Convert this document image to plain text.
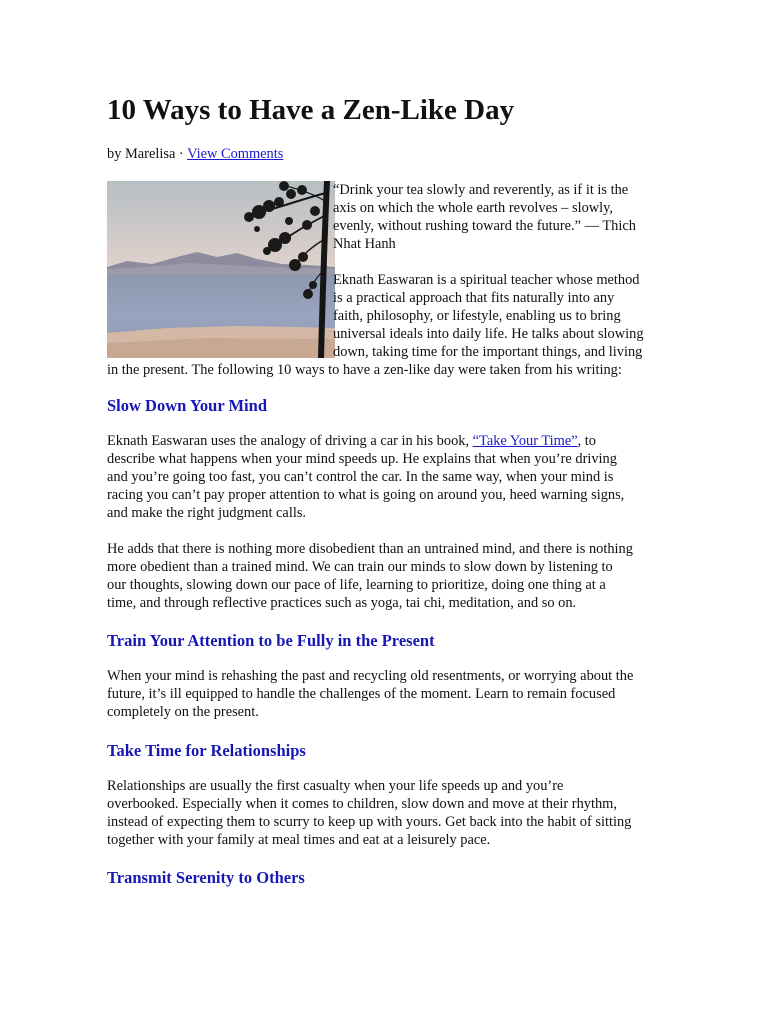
10 Ways to Have a Zen-Like Day
by Marelisa · View Comments
“Drink your tea slowly and reverently, as if it is the
axis on which the whole earth revolves – slowly,
evenly, without rushing toward the future.” — Thich
Nhat Hanh
Eknath Easwaran is a spiritual teacher whose method
is a practical approach that fits naturally into any
faith, philosophy, or lifestyle, enabling us to bring
universal ideals into daily life. He talks about slowing
down, taking time for the important things, and living
in the present. The following 10 ways to have a zen-like day were taken from his writing:
Slow Down Your Mind
Eknath Easwaran uses the analogy of driving a car in his book, “Take Your Time”, to
describe what happens when your mind speeds up. He explains that when you’re driving
and you’re going too fast, you can’t control the car. In the same way, when your mind is
racing you can’t pay proper attention to what is going on around you, heed warning signs,
and make the right judgment calls.
He adds that there is nothing more disobedient than an untrained mind, and there is nothing
more obedient than a trained mind. We can train our minds to slow down by listening to
our thoughts, slowing down our pace of life, learning to prioritize, doing one thing at a
time, and through reflective practices such as yoga, tai chi, meditation, and so on.
Train Your Attention to be Fully in the Present
When your mind is rehashing the past and recycling old resentments, or worrying about the
future, it’s ill equipped to handle the challenges of the moment. Learn to remain focused
completely on the present.
Take Time for Relationships
Relationships are usually the first casualty when your life speeds up and you’re
overbooked. Especially when it comes to children, slow down and move at their rhythm,
instead of expecting them to scurry to keep up with yours. Get back into the habit of sitting
together with your family at meal times and eat at a leisurely pace.
Transmit Serenity to Others
